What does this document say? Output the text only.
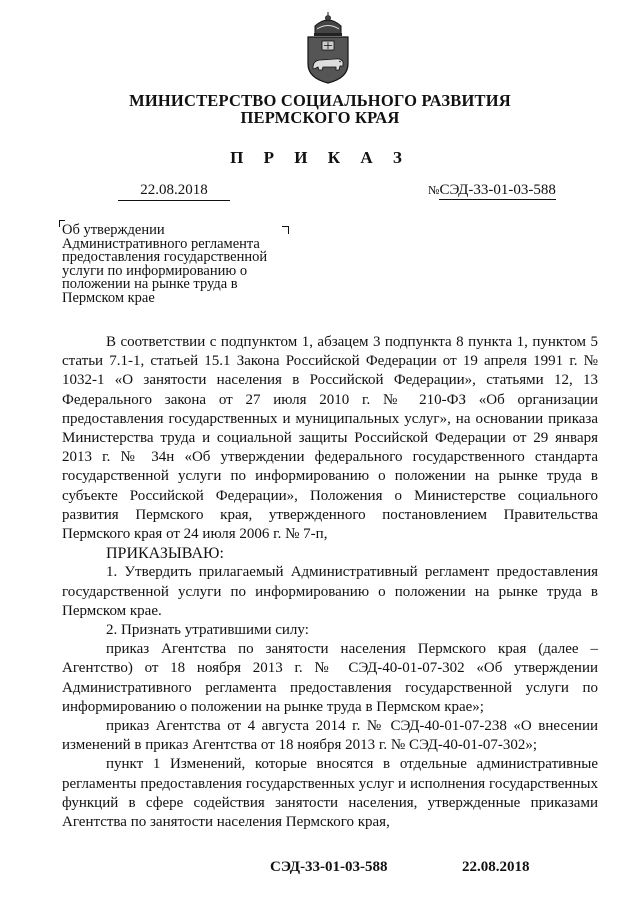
МИНИСТЕРСТВО СОЦИАЛЬНОГО РАЗВИТИЯ
ПЕРМСКОГО КРАЯ
П Р И К А З
22.08.2018	№СЭД-33-01-03-588
Об утверждении Административного регламента предоставления государственной услуги по информированию о положении на рынке труда в Пермском крае

В соответствии с подпунктом 1, абзацем 3 подпункта 8 пункта 1, пунктом 5 статьи 7.1-1, статьей 15.1 Закона Российской Федерации от 19 апреля 1991 г. № 1032-1 «О занятости населения в Российской Федерации», статьями 12, 13 Федерального закона от 27 июля 2010 г. № 210-ФЗ «Об организации предоставления государственных и муниципальных услуг», на основании приказа Министерства труда и социальной защиты Российской Федерации от 29 января 2013 г. № 34н «Об утверждении федерального государственного стандарта государственной услуги по информированию о положении на рынке труда в субъекте Российской Федерации», Положения о Министерстве социального развития Пермского края, утвержденного постановлением Правительства Пермского края от 24 июля 2006 г. № 7-п,

ПРИКАЗЫВАЮ:

1. Утвердить прилагаемый Административный регламент предоставления государственной услуги по информированию о положении на рынке труда в Пермском крае.

2. Признать утратившими силу:

приказ Агентства по занятости населения Пермского края (далее – Агентство) от 18 ноября 2013 г. № СЭД-40-01-07-302 «Об утверждении Административного регламента предоставления государственной услуги по информированию о положении на рынке труда в Пермском крае»;

приказ Агентства от 4 августа 2014 г. № СЭД-40-01-07-238 «О внесении изменений в приказ Агентства от 18 ноября 2013 г. № СЭД-40-01-07-302»;

пункт 1 Изменений, которые вносятся в отдельные административные регламенты предоставления государственных услуг и исполнения государственных функций в сфере содействия занятости населения, утвержденные приказами Агентства по занятости населения Пермского края,

СЭД-33-01-03-588	22.08.2018
